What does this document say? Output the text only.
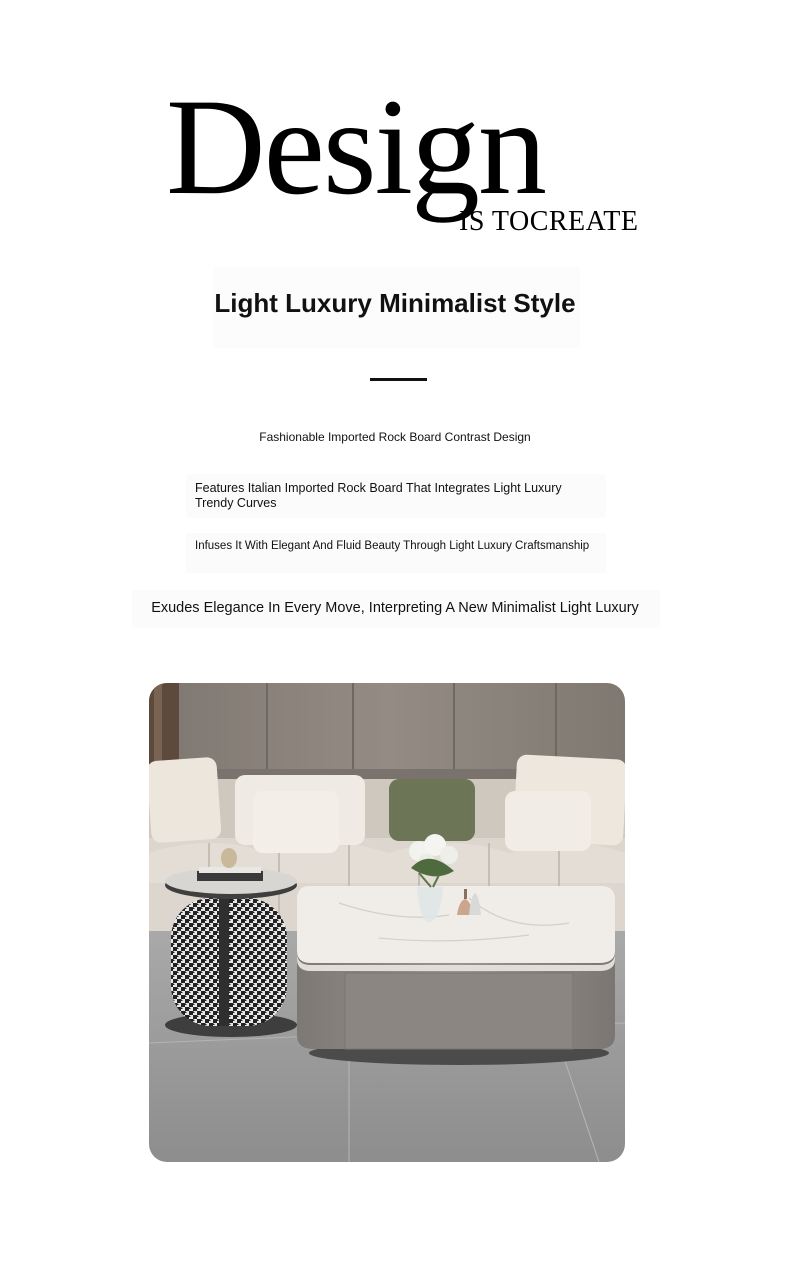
Design
IS TOCREATE
Light Luxury Minimalist Style
Fashionable Imported Rock Board Contrast Design
Features Italian Imported Rock Board That Integrates Light Luxury Trendy Curves
Infuses It With Elegant And Fluid Beauty Through Light Luxury Craftsmanship
Exudes Elegance In Every Move, Interpreting A New Minimalist Light Luxury
